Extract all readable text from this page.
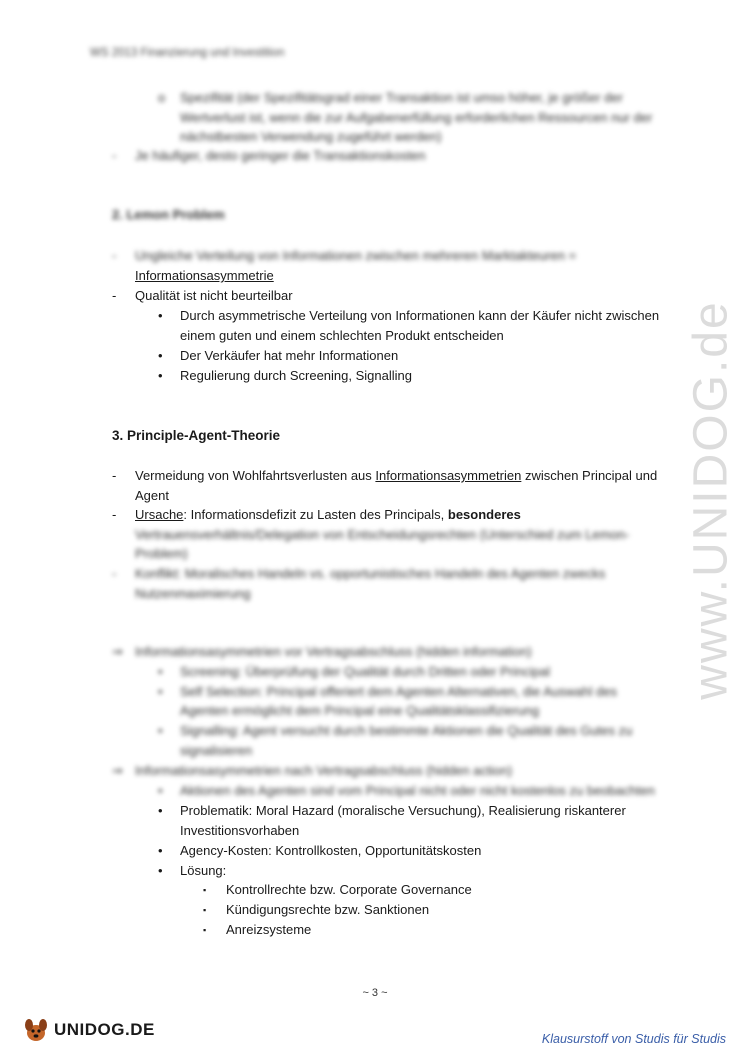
WS 2013 Finanzierung und Investition
www.UNIDOG.de
o Spezifität (der Spezifitätsgrad einer Transaktion ist umso höher, je größer der
Wertverlust ist, wenn die zur Aufgabenerfüllung erforderlichen Ressourcen nur der
nächstbesten Verwendung zugeführt werden)
- Je häufiger, desto geringer die Transaktionskosten
2. Lemon Problem
- Ungleiche Verteilung von Informationen zwischen mehreren Marktakteuren =
Informationsasymmetrie
- Qualität ist nicht beurteilbar
• Durch asymmetrische Verteilung von Informationen kann der Käufer nicht zwischen
einem guten und einem schlechten Produkt entscheiden
• Der Verkäufer hat mehr Informationen
• Regulierung durch Screening, Signalling
3. Principle-Agent-Theorie
- Vermeidung von Wohlfahrtsverlusten aus Informationsasymmetrien zwischen Principal und
Agent
- Ursache: Informationsdefizit zu Lasten des Principals, besonderes
Vertrauensverhältnis/Delegation von Entscheidungsrechten (Unterschied zum Lemon-
Problem)
- Konflikt: Moralisches Handeln vs. opportunistisches Handeln des Agenten zwecks
Nutzenmaximierung
⇒ Informationsasymmetrien vor Vertragsabschluss (hidden information)
• Screening: Überprüfung der Qualität durch Dritten oder Principal
• Self Selection: Principal offeriert dem Agenten Alternativen, die Auswahl des
Agenten ermöglicht dem Principal eine Qualitätsklassifizierung
• Signalling: Agent versucht durch bestimmte Aktionen die Qualität des Gutes zu
signalisieren
⇒ Informationsasymmetrien nach Vertragsabschluss (hidden action)
• Aktionen des Agenten sind vom Principal nicht oder nicht kostenlos zu beobachten
• Problematik: Moral Hazard (moralische Versuchung), Realisierung riskanterer
Investitionsvorhaben
• Agency-Kosten: Kontrollkosten, Opportunitätskosten
• Lösung:
▪ Kontrollrechte bzw. Corporate Governance
▪ Kündigungsrechte bzw. Sanktionen
▪ Anreizsysteme
~ 3 ~
UNIDOG.DE	Klausurstoff von Studis für Studis
